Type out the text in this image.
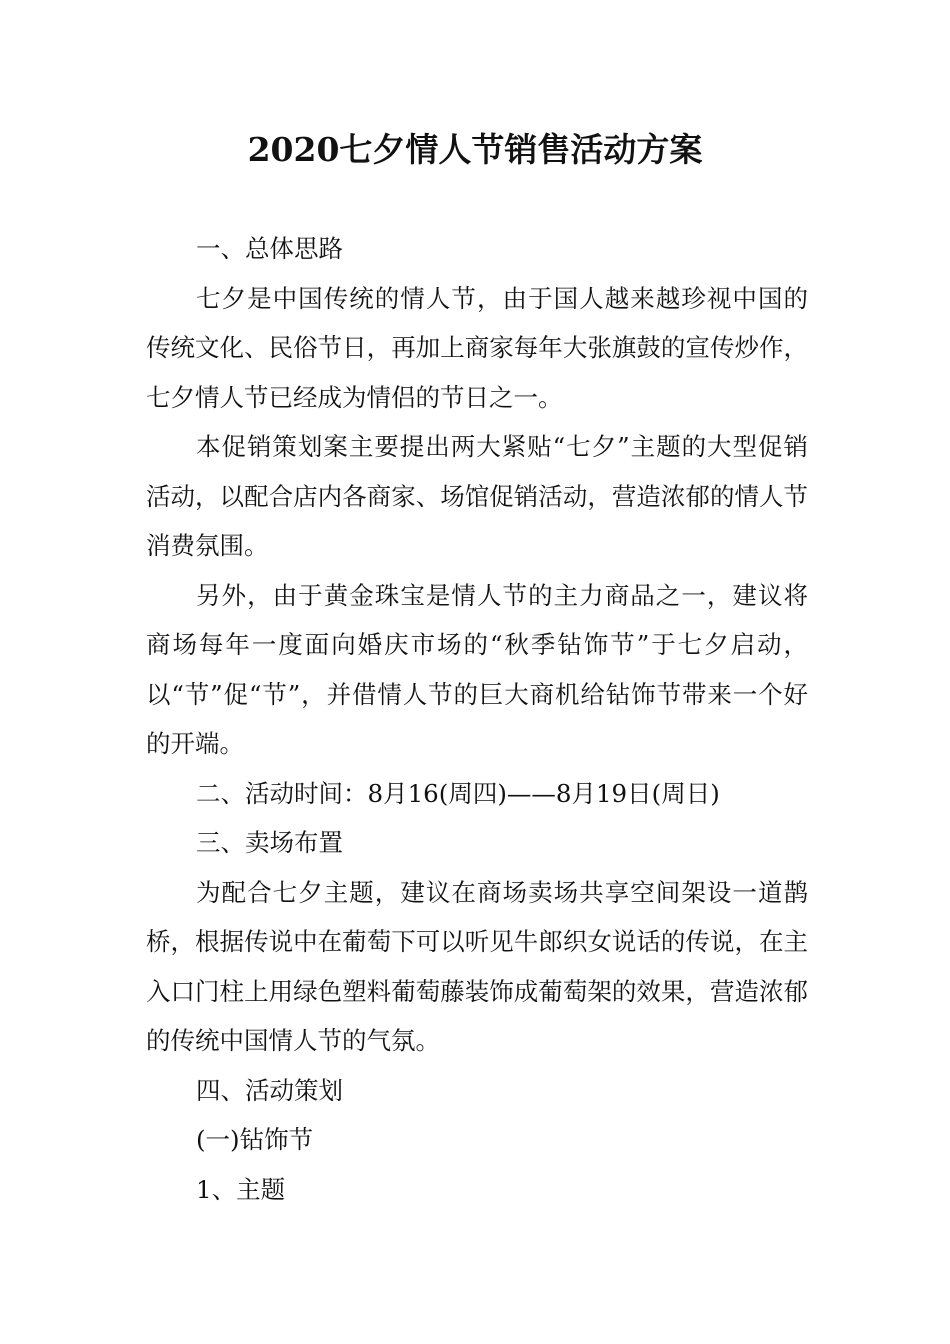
2020七夕情人节销售活动方案

一、总体思路

七夕是中国传统的情人节，由于国人越来越珍视中国的传统文化、民俗节日，再加上商家每年大张旗鼓的宣传炒作，七夕情人节已经成为情侣的节日之一。

本促销策划案主要提出两大紧贴“七夕”主题的大型促销活动，以配合店内各商家、场馆促销活动，营造浓郁的情人节消费氛围。

另外，由于黄金珠宝是情人节的主力商品之一，建议将商场每年一度面向婚庆市场的“秋季钻饰节”于七夕启动，以“节”促“节”，并借情人节的巨大商机给钻饰节带来一个好的开端。

二、活动时间：8月16(周四)——8月19日(周日)

三、卖场布置

为配合七夕主题，建议在商场卖场共享空间架设一道鹊桥，根据传说中在葡萄下可以听见牛郎织女说话的传说，在主入口门柱上用绿色塑料葡萄藤装饰成葡萄架的效果，营造浓郁的传统中国情人节的气氛。

四、活动策划

(一)钻饰节

1、主题
